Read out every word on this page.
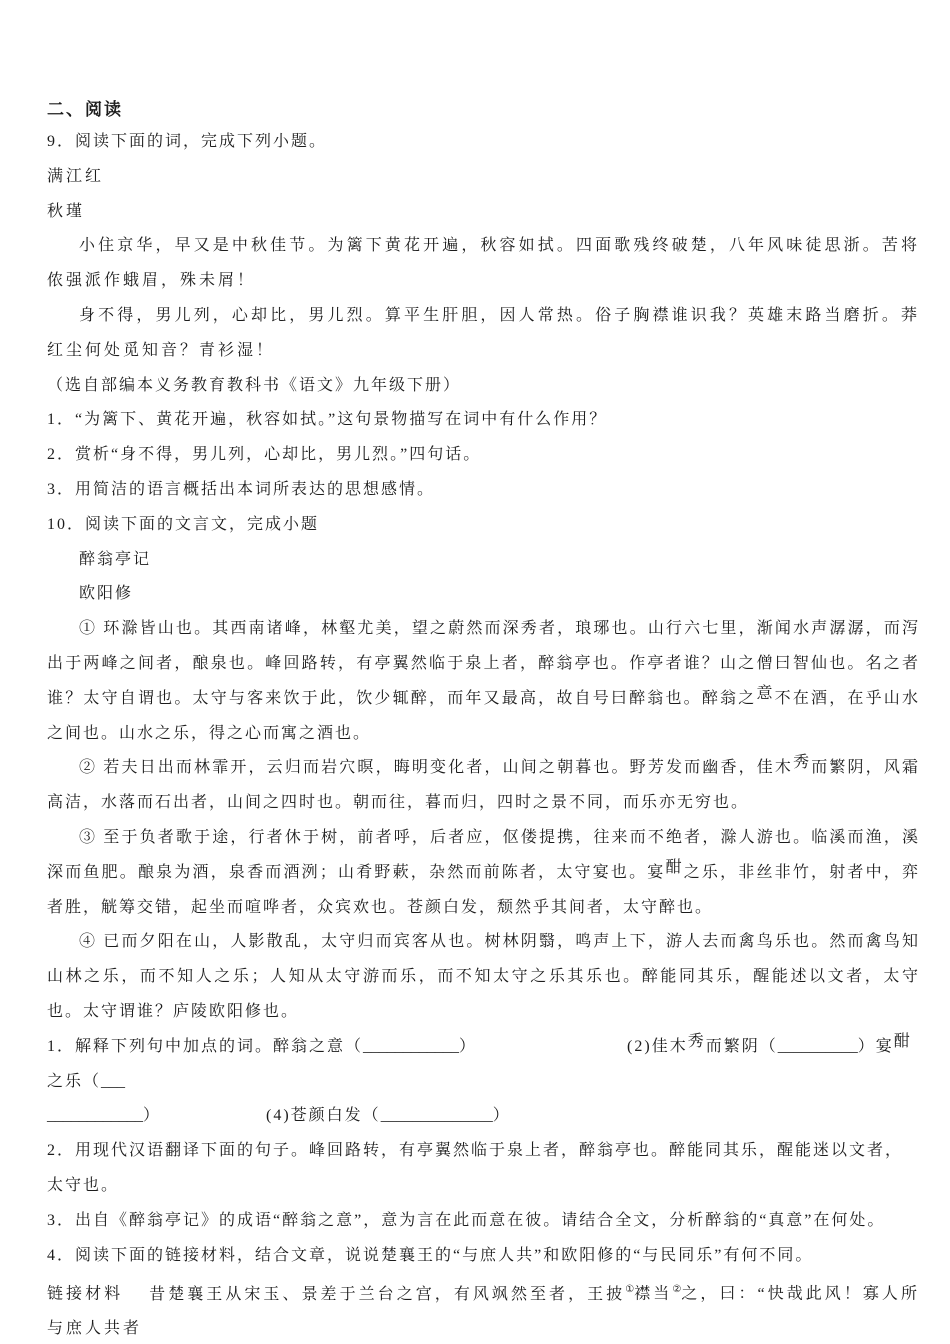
二、阅读

9．阅读下面的词，完成下列小题。

满江红

秋瑾

小住京华，早又是中秋佳节。为篱下黄花开遍，秋容如拭。四面歌残终破楚，八年风味徒思浙。苦将侬强派作蛾眉，殊未屑！

身不得，男儿列，心却比，男儿烈。算平生肝胆，因人常热。俗子胸襟谁识我？英雄末路当磨折。莽红尘何处觅知音？青衫湿！

（选自部编本义务教育教科书《语文》九年级下册）

1．“为篱下、黄花开遍，秋容如拭。”这句景物描写在词中有什么作用？

2．赏析“身不得，男儿列，心却比，男儿烈。”四句话。

3．用简洁的语言概括出本词所表达的思想感情。

10．阅读下面的文言文，完成小题

醉翁亭记

欧阳修

① 环滁皆山也。其西南诸峰，林壑尤美，望之蔚然而深秀者，琅琊也。山行六七里，渐闻水声潺潺，而泻出于两峰之间者，酿泉也。峰回路转，有亭翼然临于泉上者，醉翁亭也。作亭者谁？山之僧曰智仙也。名之者谁？太守自谓也。太守与客来饮于此，饮少辄醉，而年又最高，故自号曰醉翁也。醉翁之意不在酒，在乎山水之间也。山水之乐，得之心而寓之酒也。

② 若夫日出而林霏开，云归而岩穴暝，晦明变化者，山间之朝暮也。野芳发而幽香，佳木秀而繁阴，风霜高洁，水落而石出者，山间之四时也。朝而往，暮而归，四时之景不同，而乐亦无穷也。

③ 至于负者歌于途，行者休于树，前者呼，后者应，伛偻提携，往来而不绝者，滁人游也。临溪而渔，溪深而鱼肥。酿泉为酒，泉香而酒洌；山肴野蔌，杂然而前陈者，太守宴也。宴酣之乐，非丝非竹，射者中，弈者胜，觥筹交错，起坐而喧哗者，众宾欢也。苍颜白发，颓然乎其间者，太守醉也。

④ 已而夕阳在山，人影散乱，太守归而宾客从也。树林阴翳，鸣声上下，游人去而禽鸟乐也。然而禽鸟知山林之乐，而不知人之乐；人知从太守游而乐，而不知太守之乐其乐也。醉能同其乐，醒能述以文者，太守也。太守谓谁？庐陵欧阳修也。

1．解释下列句中加点的词。醉翁之意（____________）	(2)佳木秀而繁阴（__________）宴酣之乐（___

____________）	(4)苍颜白发（______________）

2．用现代汉语翻译下面的句子。峰回路转，有亭翼然临于泉上者，醉翁亭也。醉能同其乐，醒能迷以文者，太守也。

3．出自《醉翁亭记》的成语“醉翁之意”，意为言在此而意在彼。请结合全文，分析醉翁的“真意”在何处。

4．阅读下面的链接材料，结合文章，说说楚襄王的“与庶人共”和欧阳修的“与民同乐”有何不同。

链接材料 昔楚襄王从宋玉、景差于兰台之宫，有风飒然至者，王披①襟当②之，曰：“快哉此风！寡人所与庶人共者
